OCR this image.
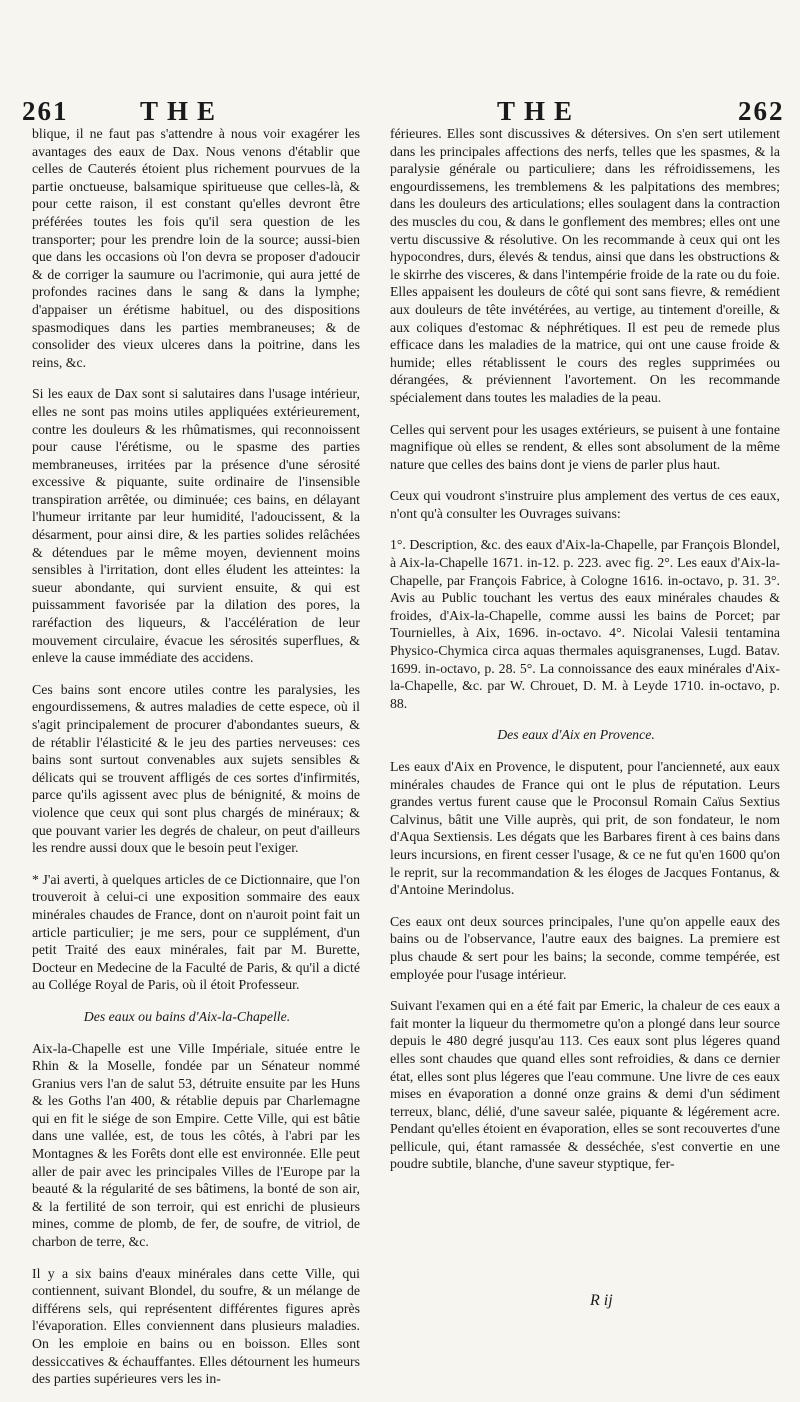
261	THE	THE	262

blique, il ne faut pas s'attendre à nous voir exagérer les avantages des eaux de Dax. Nous venons d'établir que celles de Cauterés étoient plus richement pourvues de la partie onctueuse, balsamique spiritueuse que celles-là, & pour cette raison, il est constant qu'elles devront être préférées toutes les fois qu'il sera question de les transporter; pour les prendre loin de la source; aussi-bien que dans les occasions où l'on devra se proposer d'adoucir & de corriger la saumure ou l'acrimonie, qui aura jetté de profondes racines dans le sang & dans la lymphe; d'appaiser un érétisme habituel, ou des dispositions spasmodiques dans les parties membraneuses; & de consolider des vieux ulceres dans la poitrine, dans les reins, &c.

Si les eaux de Dax sont si salutaires dans l'usage intérieur, elles ne sont pas moins utiles appliquées extérieurement, contre les douleurs & les rhûmatismes, qui reconnoissent pour cause l'érétisme, ou le spasme des parties membraneuses, irritées par la présence d'une sérosité excessive & piquante, suite ordinaire de l'insensible transpiration arrêtée, ou diminuée; ces bains, en délayant l'humeur irritante par leur humidité, l'adoucissent, & la désarment, pour ainsi dire, & les parties solides relâchées & détendues par le même moyen, deviennent moins sensibles à l'irritation, dont elles éludent les atteintes: la sueur abondante, qui survient ensuite, & qui est puissamment favorisée par la dilation des pores, la raréfaction des liqueurs, & l'accélération de leur mouvement circulaire, évacue les sérosités superflues, & enleve la cause immédiate des accidens.

Ces bains sont encore utiles contre les paralysies, les engourdissemens, & autres maladies de cette espece, où il s'agit principalement de procurer d'abondantes sueurs, & de rétablir l'élasticité & le jeu des parties nerveuses: ces bains sont surtout convenables aux sujets sensibles & délicats qui se trouvent affligés de ces sortes d'infirmités, parce qu'ils agissent avec plus de bénignité, & moins de violence que ceux qui sont plus chargés de minéraux; & que pouvant varier les degrés de chaleur, on peut d'ailleurs les rendre aussi doux que le besoin peut l'exiger.

* J'ai averti, à quelques articles de ce Dictionnaire, que l'on trouveroit à celui-ci une exposition sommaire des eaux minérales chaudes de France, dont on n'auroit point fait un article particulier; je me sers, pour ce supplément, d'un petit Traité des eaux minérales, fait par M. Burette, Docteur en Medecine de la Faculté de Paris, & qu'il a dicté au Collége Royal de Paris, où il étoit Professeur.

Des eaux ou bains d'Aix-la-Chapelle.

Aix-la-Chapelle est une Ville Impériale, située entre le Rhin & la Moselle, fondée par un Sénateur nommé Granius vers l'an de salut 53, détruite ensuite par les Huns & les Goths l'an 400, & rétablie depuis par Charlemagne qui en fit le siége de son Empire. Cette Ville, qui est bâtie dans une vallée, est, de tous les côtés, à l'abri par les Montagnes & les Forêts dont elle est environnée. Elle peut aller de pair avec les principales Villes de l'Europe par la beauté & la régularité de ses bâtimens, la bonté de son air, & la fertilité de son terroir, qui est enrichi de plusieurs mines, comme de plomb, de fer, de soufre, de vitriol, de charbon de terre, &c.

Il y a six bains d'eaux minérales dans cette Ville, qui contiennent, suivant Blondel, du soufre, & un mélange de différens sels, qui représentent différentes figures après l'évaporation. Elles conviennent dans plusieurs maladies. On les emploie en bains ou en boisson. Elles sont dessiccatives & échauffantes. Elles détournent les humeurs des parties supérieures vers les in-

férieures. Elles sont discussives & détersives. On s'en sert utilement dans les principales affections des nerfs, telles que les spasmes, & la paralysie générale ou particuliere; dans les réfroidissemens, les engourdissemens, les tremblemens & les palpitations des membres; dans les douleurs des articulations; elles soulagent dans la contraction des muscles du cou, & dans le gonflement des membres; elles ont une vertu discussive & résolutive. On les recommande à ceux qui ont les hypocondres, durs, élevés & tendus, ainsi que dans les obstructions & le skirrhe des visceres, & dans l'intempérie froide de la rate ou du foie. Elles appaisent les douleurs de côté qui sont sans fievre, & remédient aux douleurs de tête invétérées, au vertige, au tintement d'oreille, & aux coliques d'estomac & néphrétiques. Il est peu de remede plus efficace dans les maladies de la matrice, qui ont une cause froide & humide; elles rétablissent le cours des regles supprimées ou dérangées, & préviennent l'avortement. On les recommande spécialement dans toutes les maladies de la peau.

Celles qui servent pour les usages extérieurs, se puisent à une fontaine magnifique où elles se rendent, & elles sont absolument de la même nature que celles des bains dont je viens de parler plus haut.

Ceux qui voudront s'instruire plus amplement des vertus de ces eaux, n'ont qu'à consulter les Ouvrages suivans:

1°. Description, &c. des eaux d'Aix-la-Chapelle, par François Blondel, à Aix-la-Chapelle 1671. in-12. p. 223. avec fig. 2°. Les eaux d'Aix-la-Chapelle, par François Fabrice, à Cologne 1616. in-octavo, p. 31. 3°. Avis au Public touchant les vertus des eaux minérales chaudes & froides, d'Aix-la-Chapelle, comme aussi les bains de Porcet; par Tournielles, à Aix, 1696. in-octavo. 4°. Nicolai Valesii tentamina Physico-Chymica circa aquas thermales aquisgranenses, Lugd. Batav. 1699. in-octavo, p. 28. 5°. La connoissance des eaux minérales d'Aix-la-Chapelle, &c. par W. Chrouet, D. M. à Leyde 1710. in-octavo, p. 88.

Des eaux d'Aix en Provence.

Les eaux d'Aix en Provence, le disputent, pour l'ancienneté, aux eaux minérales chaudes de France qui ont le plus de réputation. Leurs grandes vertus furent cause que le Proconsul Romain Caïus Sextius Calvinus, bâtit une Ville auprès, qui prit, de son fondateur, le nom d'Aqua Sextiensis. Les dégats que les Barbares firent à ces bains dans leurs incursions, en firent cesser l'usage, & ce ne fut qu'en 1600 qu'on le reprit, sur la recommandation & les éloges de Jacques Fontanus, & d'Antoine Merindolus.

Ces eaux ont deux sources principales, l'une qu'on appelle eaux des bains ou de l'observance, l'autre eaux des baignes. La premiere est plus chaude & sert pour les bains; la seconde, comme tempérée, est employée pour l'usage intérieur.

Suivant l'examen qui en a été fait par Emeric, la chaleur de ces eaux a fait monter la liqueur du thermometre qu'on a plongé dans leur source depuis le 480 degré jusqu'au 113. Ces eaux sont plus légeres quand elles sont chaudes que quand elles sont refroidies, & dans ce dernier état, elles sont plus légeres que l'eau commune. Une livre de ces eaux mises en évaporation a donné onze grains & demi d'un sédiment terreux, blanc, délié, d'une saveur salée, piquante & légérement acre. Pendant qu'elles étoient en évaporation, elles se sont recouvertes d'une pellicule, qui, étant ramassée & desséchée, s'est convertie en une poudre subtile, blanche, d'une saveur styptique, fer-

R ij
